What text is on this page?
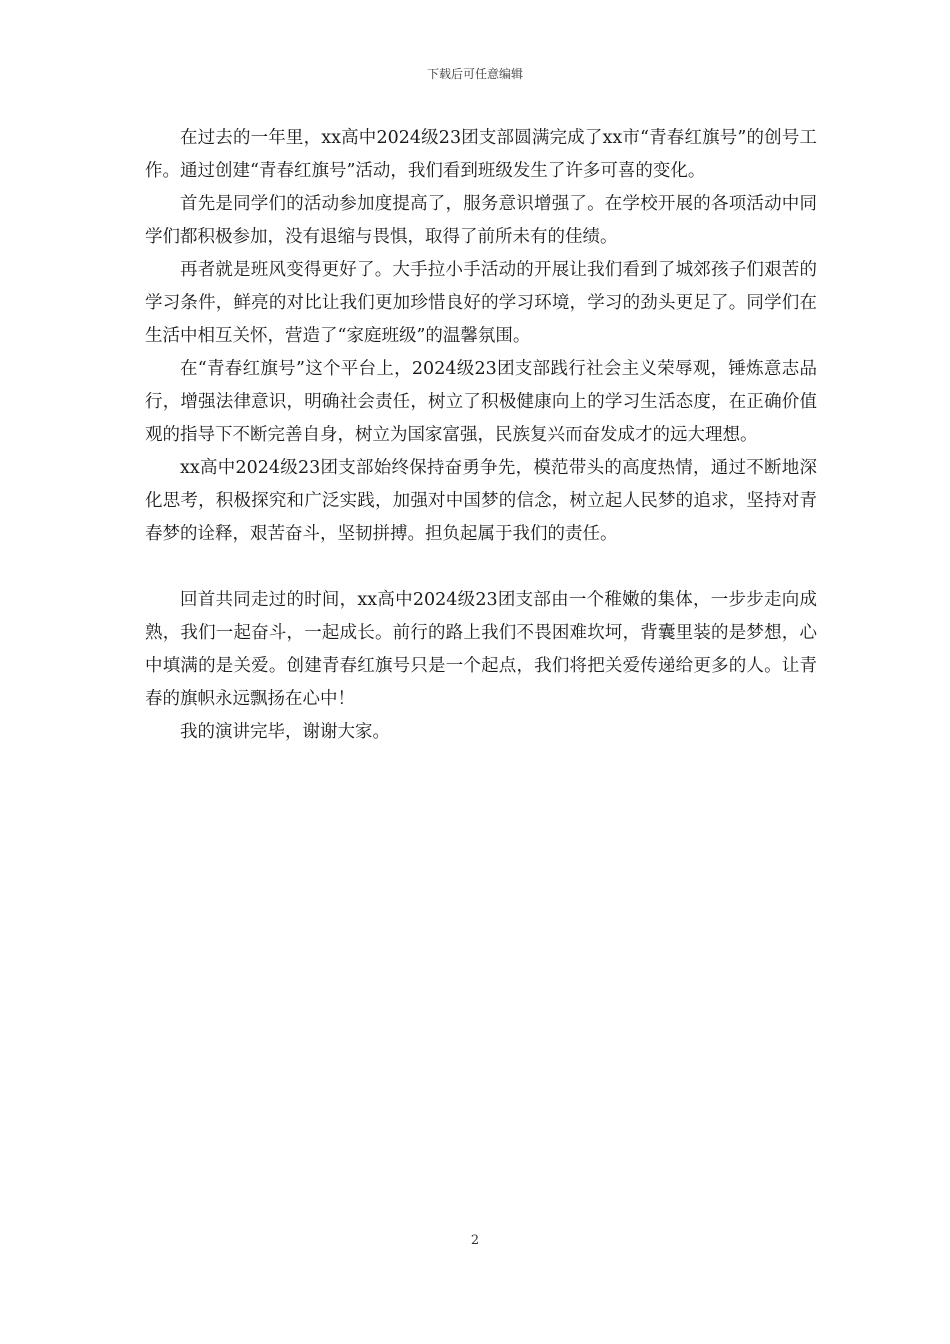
下载后可任意编辑

在过去的一年里，xx高中2024级23团支部圆满完成了xx市“青春红旗号”的创号工作。通过创建“青春红旗号”活动，我们看到班级发生了许多可喜的变化。

首先是同学们的活动参加度提高了，服务意识增强了。在学校开展的各项活动中同学们都积极参加，没有退缩与畏惧，取得了前所未有的佳绩。

再者就是班风变得更好了。大手拉小手活动的开展让我们看到了城郊孩子们艰苦的学习条件，鲜亮的对比让我们更加珍惜良好的学习环境，学习的劲头更足了。同学们在生活中相互关怀，营造了“家庭班级”的温馨氛围。

在“青春红旗号”这个平台上，2024级23团支部践行社会主义荣辱观，锤炼意志品行，增强法律意识，明确社会责任，树立了积极健康向上的学习生活态度，在正确价值观的指导下不断完善自身，树立为国家富强，民族复兴而奋发成才的远大理想。

xx高中2024级23团支部始终保持奋勇争先，模范带头的高度热情，通过不断地深化思考，积极探究和广泛实践，加强对中国梦的信念，树立起人民梦的追求，坚持对青春梦的诠释，艰苦奋斗，坚韧拼搏。担负起属于我们的责任。

回首共同走过的时间，xx高中2024级23团支部由一个稚嫩的集体，一步步走向成熟，我们一起奋斗，一起成长。前行的路上我们不畏困难坎坷，背囊里装的是梦想，心中填满的是关爱。创建青春红旗号只是一个起点，我们将把关爱传递给更多的人。让青春的旗帜永远飘扬在心中！

我的演讲完毕，谢谢大家。

2
